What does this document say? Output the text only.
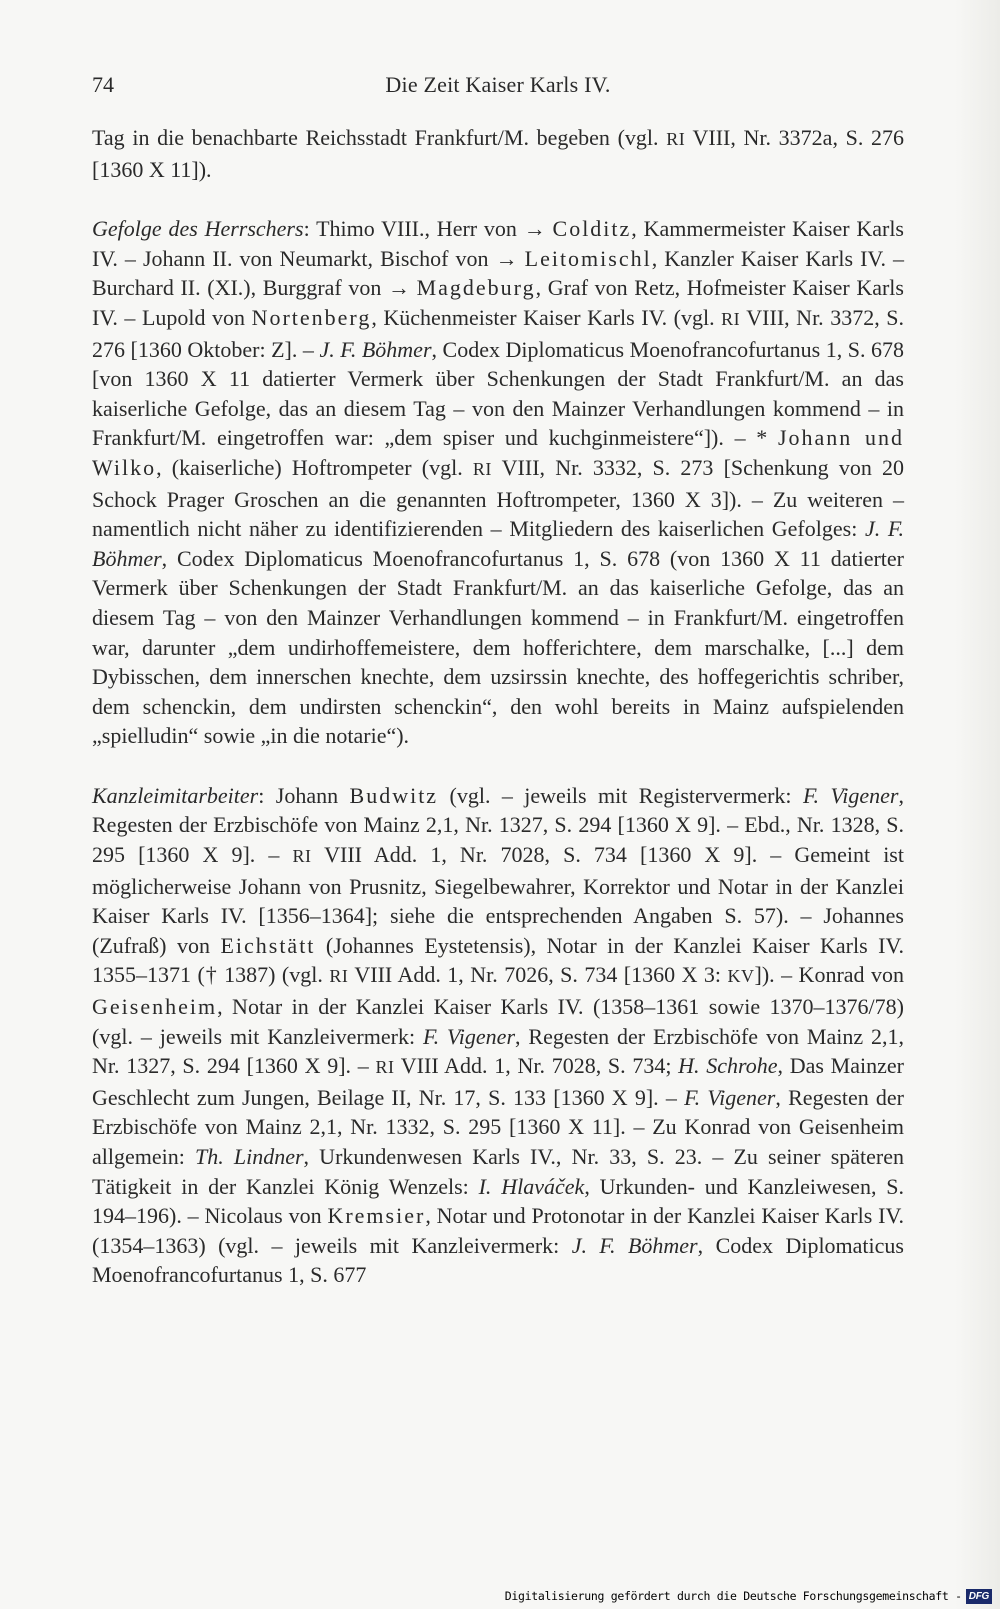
74	Die Zeit Kaiser Karls IV.

Tag in die benachbarte Reichsstadt Frankfurt/M. begeben (vgl. RI VIII, Nr. 3372a, S. 276 [1360 X 11]).

Gefolge des Herrschers: Thimo VIII., Herr von → Colditz, Kammermeister Kaiser Karls IV. – Johann II. von Neumarkt, Bischof von → Leitomischl, Kanzler Kaiser Karls IV. – Burchard II. (XI.), Burggraf von → Magdeburg, Graf von Retz, Hofmeister Kaiser Karls IV. – Lupold von Nortenberg, Küchenmeister Kaiser Karls IV. (vgl. RI VIII, Nr. 3372, S. 276 [1360 Oktober: Z]. – J. F. Böhmer, Codex Diplomaticus Moenofrancofurtanus 1, S. 678 [von 1360 X 11 datierter Vermerk über Schenkungen der Stadt Frankfurt/M. an das kaiserliche Gefolge, das an diesem Tag – von den Mainzer Verhandlungen kommend – in Frankfurt/M. eingetroffen war: „dem spiser und kuchginmeistere“]). – * Johann und Wilko, (kaiserliche) Hoftrompeter (vgl. RI VIII, Nr. 3332, S. 273 [Schenkung von 20 Schock Prager Groschen an die genannten Hoftrompeter, 1360 X 3]). – Zu weiteren – namentlich nicht näher zu identifizierenden – Mitgliedern des kaiserlichen Gefolges: J. F. Böhmer, Codex Diplomaticus Moenofrancofurtanus 1, S. 678 (von 1360 X 11 datierter Vermerk über Schenkungen der Stadt Frankfurt/M. an das kaiserliche Gefolge, das an diesem Tag – von den Mainzer Verhandlungen kommend – in Frankfurt/M. eingetroffen war, darunter „dem undirhoffemeistere, dem hofferichtere, dem marschalke, [...] dem Dybisschen, dem innerschen knechte, dem uzsirssin knechte, des hoffegerichtis schriber, dem schenckin, dem undirsten schenckin“, den wohl bereits in Mainz aufspielenden „spielludin“ sowie „in die notarie“).

Kanzleimitarbeiter: Johann Budwitz (vgl. – jeweils mit Registervermerk: F. Vigener, Regesten der Erzbischöfe von Mainz 2,1, Nr. 1327, S. 294 [1360 X 9]. – Ebd., Nr. 1328, S. 295 [1360 X 9]. – RI VIII Add. 1, Nr. 7028, S. 734 [1360 X 9]. – Gemeint ist möglicherweise Johann von Prusnitz, Siegelbewahrer, Korrektor und Notar in der Kanzlei Kaiser Karls IV. [1356–1364]; siehe die entsprechenden Angaben S. 57). – Johannes (Zufraß) von Eichstätt (Johannes Eystetensis), Notar in der Kanzlei Kaiser Karls IV. 1355–1371 († 1387) (vgl. RI VIII Add. 1, Nr. 7026, S. 734 [1360 X 3: KV]). – Konrad von Geisenheim, Notar in der Kanzlei Kaiser Karls IV. (1358–1361 sowie 1370–1376/78) (vgl. – jeweils mit Kanzleivermerk: F. Vigener, Regesten der Erzbischöfe von Mainz 2,1, Nr. 1327, S. 294 [1360 X 9]. – RI VIII Add. 1, Nr. 7028, S. 734; H. Schrohe, Das Mainzer Geschlecht zum Jungen, Beilage II, Nr. 17, S. 133 [1360 X 9]. – F. Vigener, Regesten der Erzbischöfe von Mainz 2,1, Nr. 1332, S. 295 [1360 X 11]. – Zu Konrad von Geisenheim allgemein: Th. Lindner, Urkundenwesen Karls IV., Nr. 33, S. 23. – Zu seiner späteren Tätigkeit in der Kanzlei König Wenzels: I. Hlaváček, Urkunden- und Kanzleiwesen, S. 194–196). – Nicolaus von Kremsier, Notar und Protonotar in der Kanzlei Kaiser Karls IV. (1354–1363) (vgl. – jeweils mit Kanzleivermerk: J. F. Böhmer, Codex Diplomaticus Moenofrancofurtanus 1, S. 677

Digitalisierung gefördert durch die Deutsche Forschungsgemeinschaft - DFG
